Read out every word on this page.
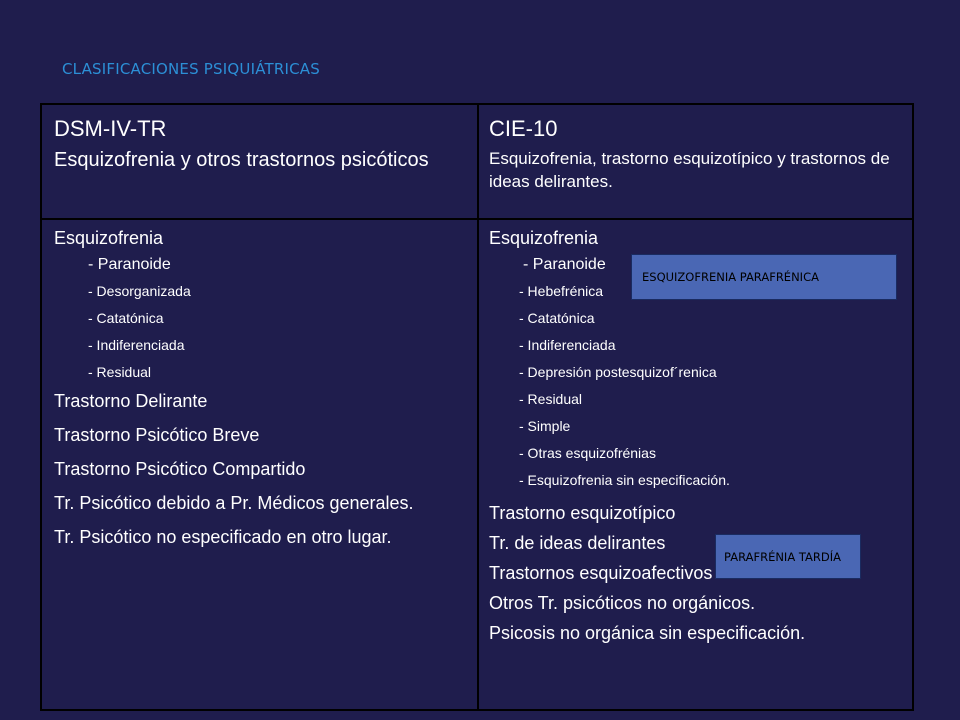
CLASIFICACIONES PSIQUIÁTRICAS
DSM-IV-TR
Esquizofrenia y otros trastornos psicóticos
CIE-10
Esquizofrenia, trastorno esquizotípico y trastornos de ideas delirantes.
Esquizofrenia
- Paranoide
- Desorganizada
- Catatónica
- Indiferenciada
- Residual
Trastorno Delirante
Trastorno Psicótico Breve
Trastorno Psicótico Compartido
Tr. Psicótico debido a Pr. Médicos generales.
Tr. Psicótico no especificado en otro lugar.
Esquizofrenia
- Paranoide
- Hebefrénica
- Catatónica
- Indiferenciada
- Depresión postesquizof´renica
- Residual
- Simple
- Otras esquizofrénias
- Esquizofrenia sin especificación.
Trastorno esquizotípico
Tr. de ideas delirantes
Trastornos esquizoafectivos
Otros Tr. psicóticos no orgánicos.
Psicosis no orgánica sin especificación.
ESQUIZOFRENIA PARAFRÉNICA
PARAFRÉNIA TARDÍA
